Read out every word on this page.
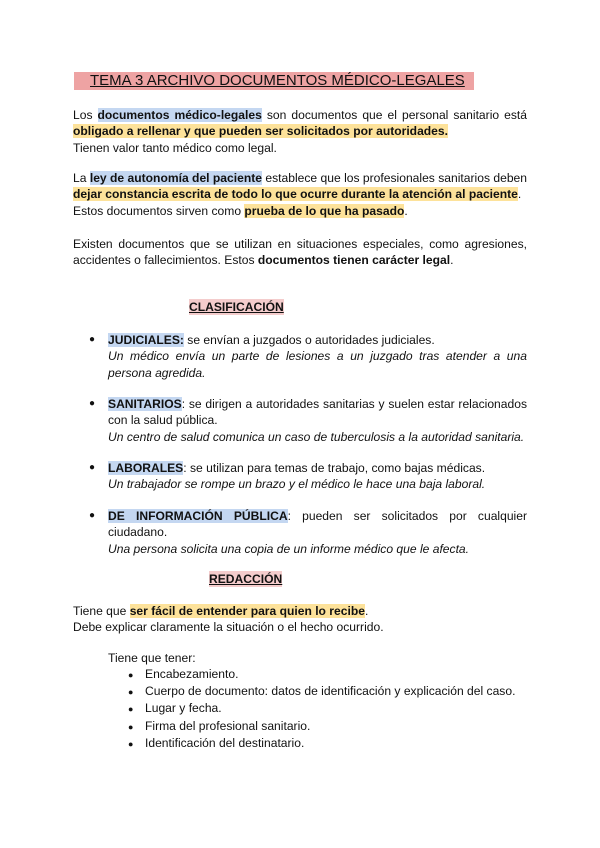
TEMA 3 ARCHIVO DOCUMENTOS MÉDICO-LEGALES
Los documentos médico-legales son documentos que el personal sanitario está obligado a rellenar y que pueden ser solicitados por autoridades.
Tienen valor tanto médico como legal.
La ley de autonomía del paciente establece que los profesionales sanitarios deben dejar constancia escrita de todo lo que ocurre durante la atención al paciente.
Estos documentos sirven como prueba de lo que ha pasado.
Existen documentos que se utilizan en situaciones especiales, como agresiones, accidentes o fallecimientos. Estos documentos tienen carácter legal.
CLASIFICACIÓN
● JUDICIALES: se envían a juzgados o autoridades judiciales.
Un médico envía un parte de lesiones a un juzgado tras atender a una persona agredida.
● SANITARIOS: se dirigen a autoridades sanitarias y suelen estar relacionados con la salud pública.
Un centro de salud comunica un caso de tuberculosis a la autoridad sanitaria.
● LABORALES: se utilizan para temas de trabajo, como bajas médicas.
Un trabajador se rompe un brazo y el médico le hace una baja laboral.
● DE INFORMACIÓN PÚBLICA: pueden ser solicitados por cualquier ciudadano.
Una persona solicita una copia de un informe médico que le afecta.
REDACCIÓN
Tiene que ser fácil de entender para quien lo recibe.
Debe explicar claramente la situación o el hecho ocurrido.
Tiene que tener:
● Encabezamiento.
● Cuerpo de documento: datos de identificación y explicación del caso.
● Lugar y fecha.
● Firma del profesional sanitario.
● Identificación del destinatario.
